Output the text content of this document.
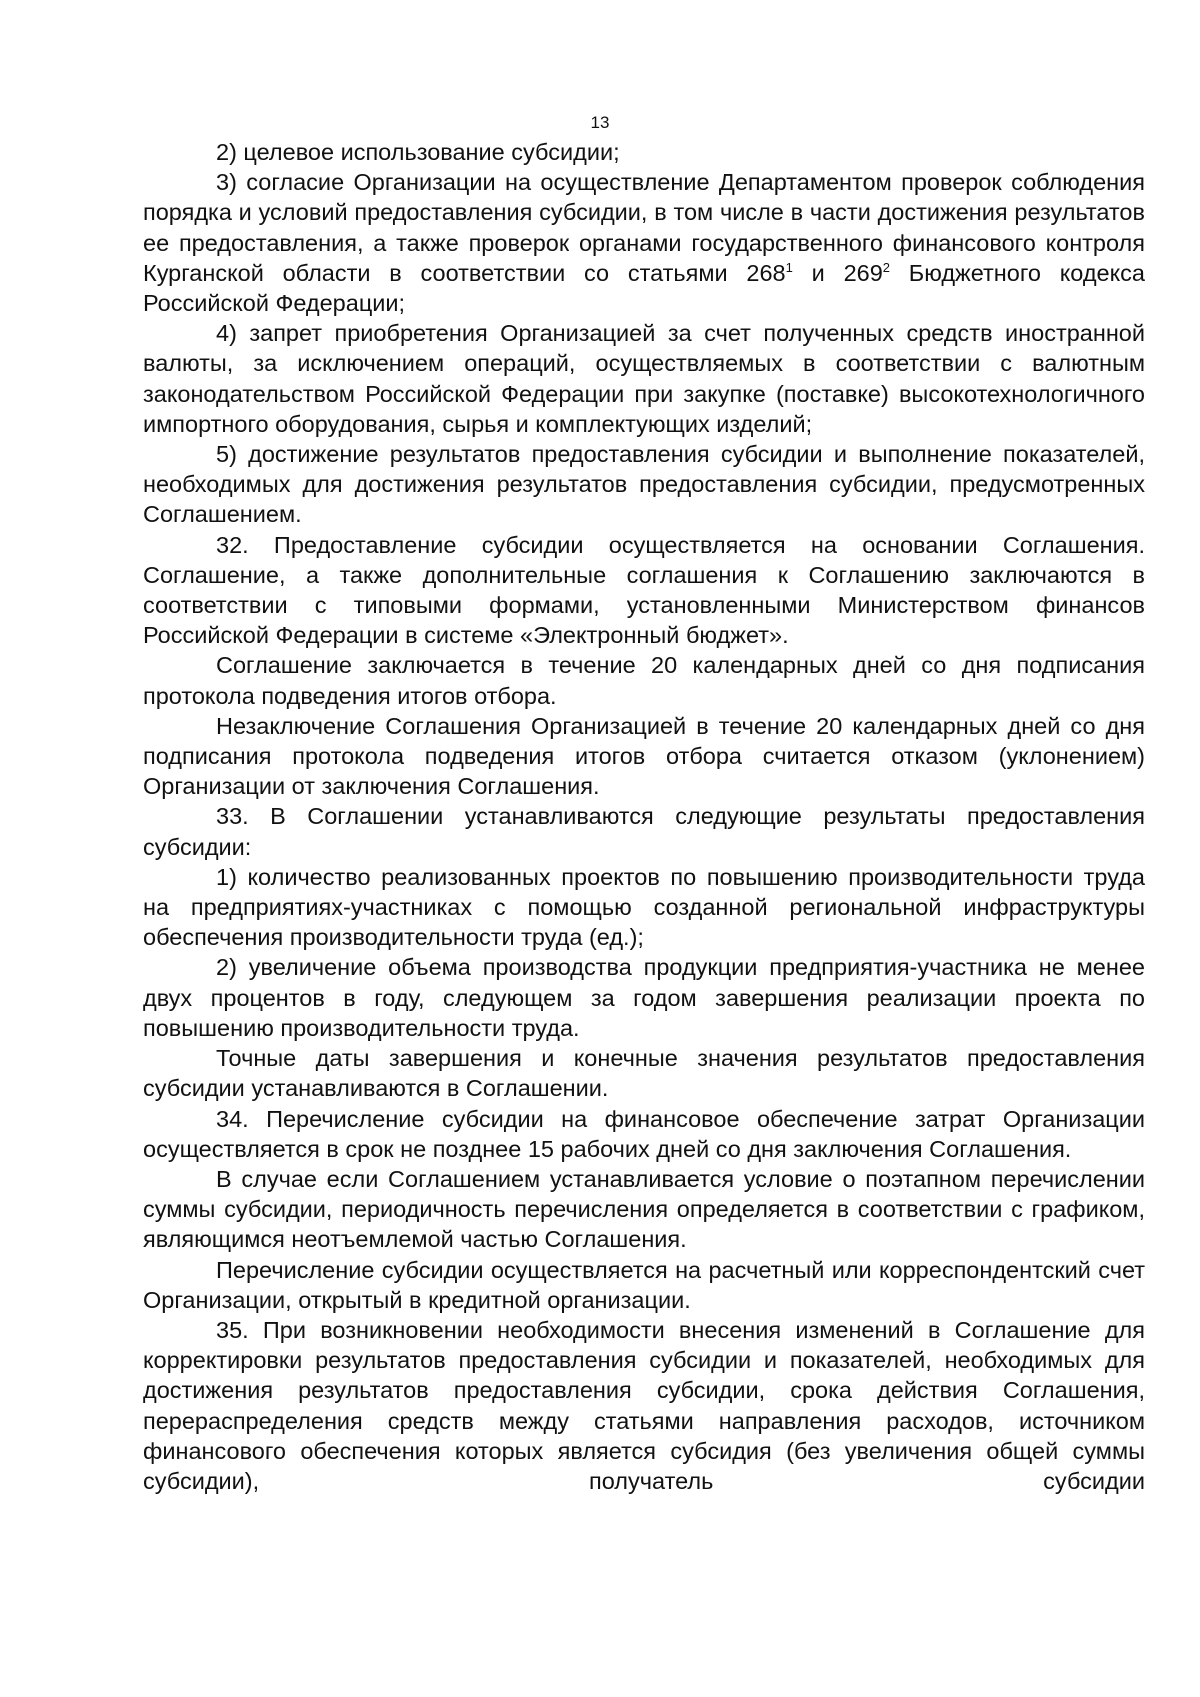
13

2) целевое использование субсидии;

3) согласие Организации на осуществление Департаментом проверок соблюдения порядка и условий предоставления субсидии, в том числе в части достижения результатов ее предоставления, а также проверок органами государственного финансового контроля Курганской области в соответствии со статьями $268^1$ и $269^2$ Бюджетного кодекса Российской Федерации;

4) запрет приобретения Организацией за счет полученных средств иностранной валюты, за исключением операций, осуществляемых в соответствии с валютным законодательством Российской Федерации при закупке (поставке) высокотехнологичного импортного оборудования, сырья и комплектующих изделий;

5) достижение результатов предоставления субсидии и выполнение показателей, необходимых для достижения результатов предоставления субсидии, предусмотренных Соглашением.

32. Предоставление субсидии осуществляется на основании Соглашения. Соглашение, а также дополнительные соглашения к Соглашению заключаются в соответствии с типовыми формами, установленными Министерством финансов Российской Федерации в системе «Электронный бюджет».

Соглашение заключается в течение 20 календарных дней со дня подписания протокола подведения итогов отбора.

Незаключение Соглашения Организацией в течение 20 календарных дней со дня подписания протокола подведения итогов отбора считается отказом (уклонением) Организации от заключения Соглашения.

33. В Соглашении устанавливаются следующие результаты предоставления субсидии:

1) количество реализованных проектов по повышению производительности труда на предприятиях-участниках с помощью созданной региональной инфраструктуры обеспечения производительности труда (ед.);

2) увеличение объема производства продукции предприятия-участника не менее двух процентов в году, следующем за годом завершения реализации проекта по повышению производительности труда.

Точные даты завершения и конечные значения результатов предоставления субсидии устанавливаются в Соглашении.

34. Перечисление субсидии на финансовое обеспечение затрат Организации осуществляется в срок не позднее 15 рабочих дней со дня заключения Соглашения.

В случае если Соглашением устанавливается условие о поэтапном перечислении суммы субсидии, периодичность перечисления определяется в соответствии с графиком, являющимся неотъемлемой частью Соглашения.

Перечисление субсидии осуществляется на расчетный или корреспондентский счет Организации, открытый в кредитной организации.

35. При возникновении необходимости внесения изменений в Соглашение для корректировки результатов предоставления субсидии и показателей, необходимых для достижения результатов предоставления субсидии, срока действия Соглашения, перераспределения средств между статьями направления расходов, источником финансового обеспечения которых является субсидия (без увеличения общей суммы субсидии), получатель субсидии
